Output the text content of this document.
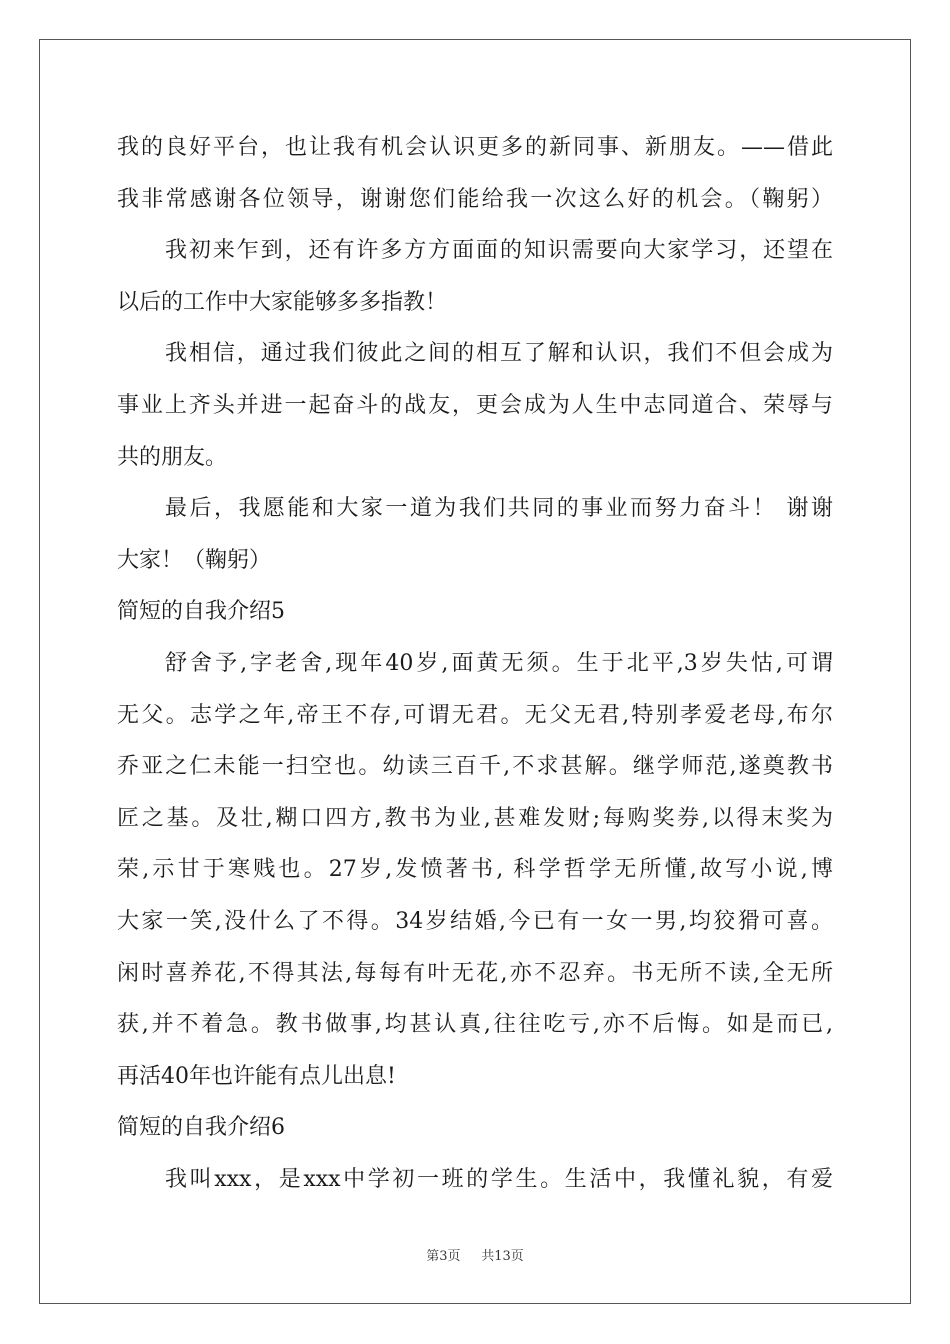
我的良好平台，也让我有机会认识更多的新同事、新朋友。——借此
我非常感谢各位领导，谢谢您们能给我一次这么好的机会。（鞠躬）
我初来乍到，还有许多方方面面的知识需要向大家学习，还望在
以后的工作中大家能够多多指教！
我相信，通过我们彼此之间的相互了解和认识，我们不但会成为
事业上齐头并进一起奋斗的战友，更会成为人生中志同道合、荣辱与
共的朋友。
最后，我愿能和大家一道为我们共同的事业而努力奋斗！ 谢谢
大家！（鞠躬）
简短的自我介绍5
舒舍予,字老舍,现年40岁,面黄无须。生于北平,3岁失怙,可谓
无父。志学之年,帝王不存,可谓无君。无父无君,特别孝爱老母,布尔
乔亚之仁未能一扫空也。幼读三百千,不求甚解。继学师范,遂奠教书
匠之基。及壮,糊口四方,教书为业,甚难发财;每购奖券,以得末奖为
荣,示甘于寒贱也。27岁,发愤著书, 科学哲学无所懂,故写小说,博
大家一笑,没什么了不得。34岁结婚,今已有一女一男,均狡猾可喜。
闲时喜养花,不得其法,每每有叶无花,亦不忍弃。书无所不读,全无所
获,并不着急。教书做事,均甚认真,往往吃亏,亦不后悔。如是而已,
再活40年也许能有点儿出息!
简短的自我介绍6
我叫xxx，是xxx中学初一班的学生。生活中，我懂礼貌，有爱
第3页 共13页
